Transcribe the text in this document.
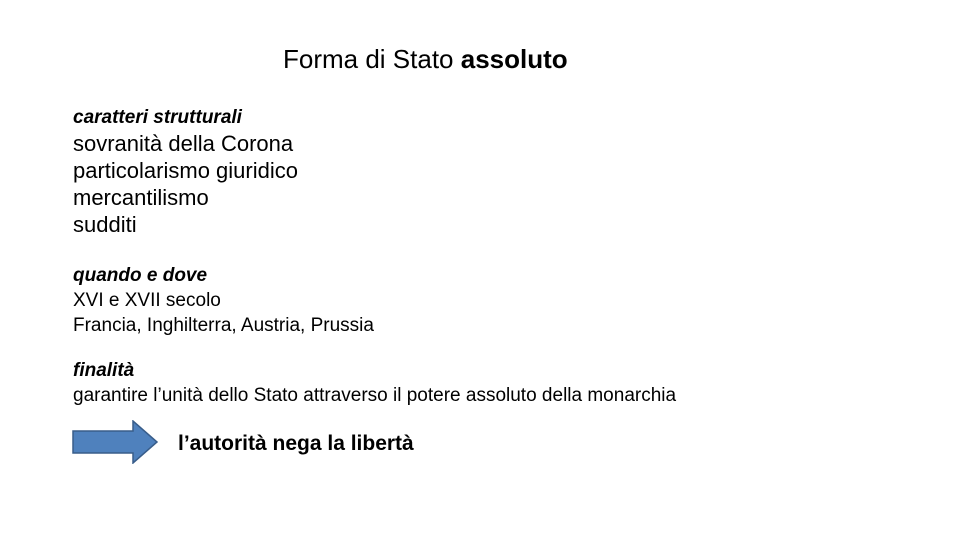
Forma di Stato assoluto
caratteri strutturali
sovranità della Corona
particolarismo giuridico
mercantilismo
sudditi
quando e dove
XVI e XVII secolo
Francia, Inghilterra, Austria, Prussia
finalità
garantire l’unità dello Stato attraverso il potere assoluto della monarchia
l’autorità nega la libertà
